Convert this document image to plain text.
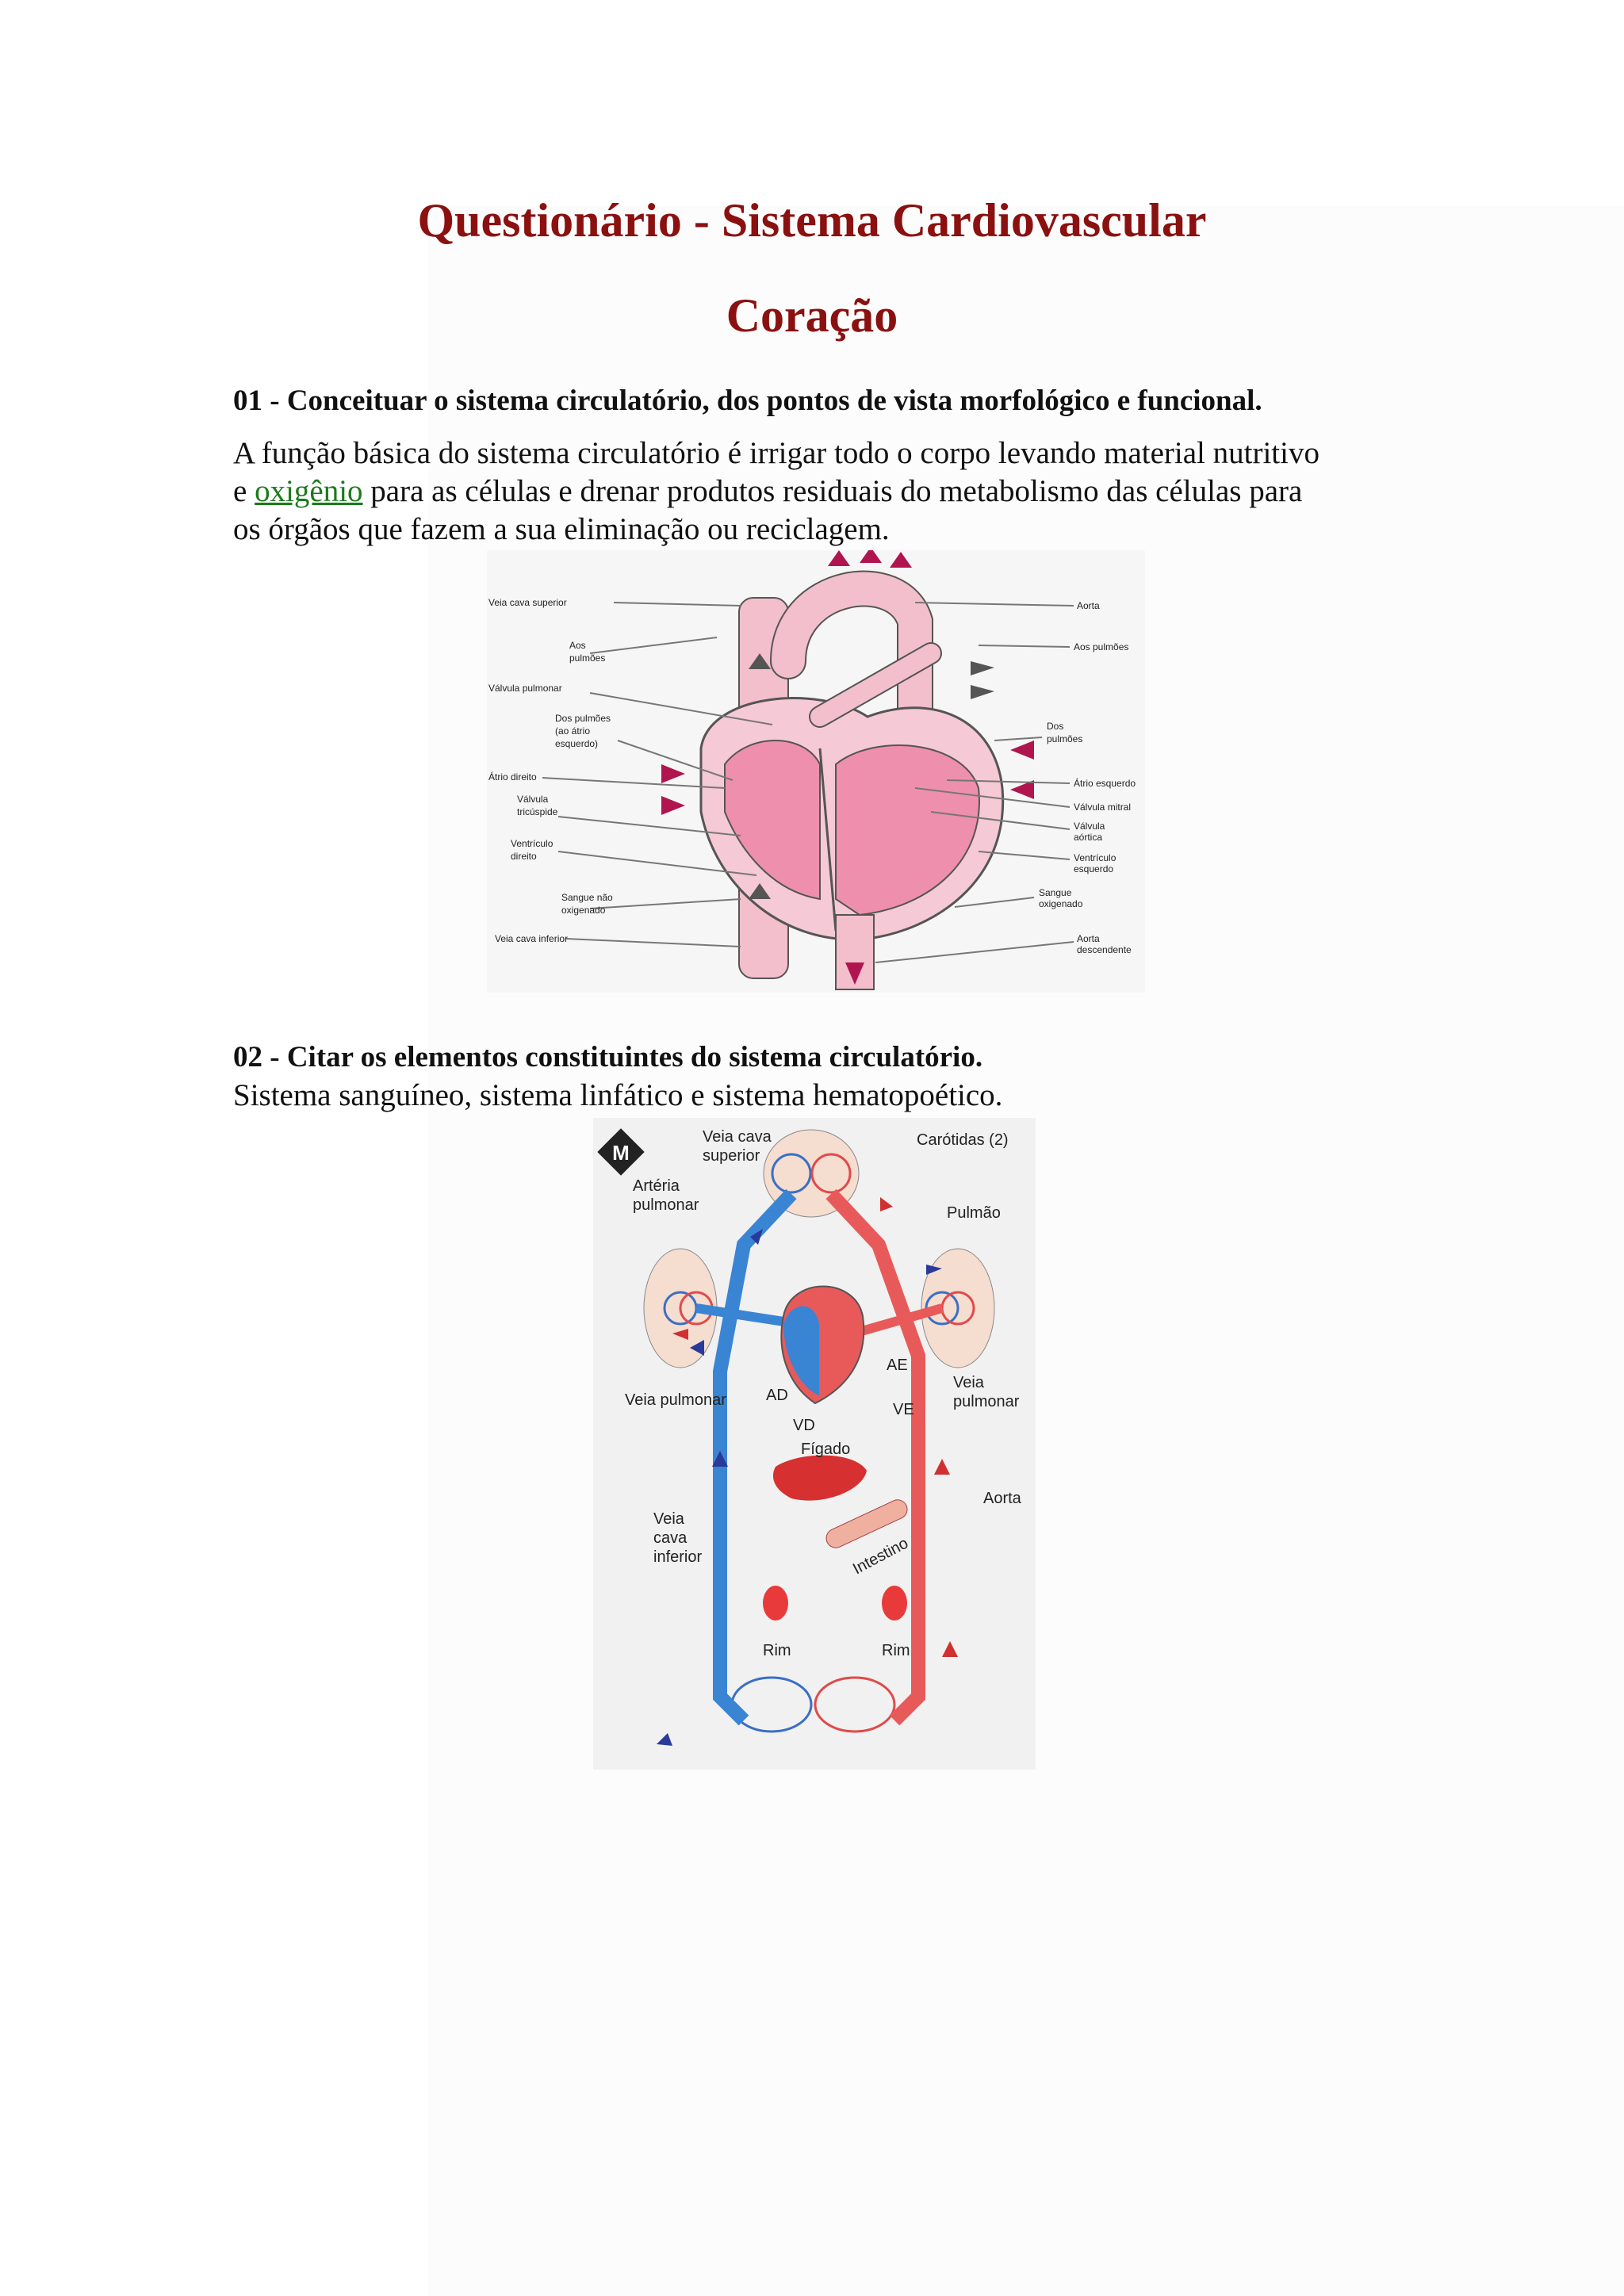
Questionário - Sistema Cardiovascular
Coração

01 - Conceituar o sistema circulatório, dos pontos de vista morfológico e funcional.

A função básica do sistema circulatório é irrigar todo o corpo levando material nutritivo
e oxigênio para as células e drenar produtos residuais do metabolismo das células para
os órgãos que fazem a sua eliminação ou reciclagem.

Veia cava superior
Aos
pulmões
Válvula pulmonar
Dos pulmões
(ao átrio
esquerdo)
Átrio direito
Válvula
tricúspide
Ventrículo
direito
Sangue não
oxigenado
Veia cava inferior
Aorta
Aos pulmões
Dos
pulmões
Átrio esquerdo
Válvula mitral
Válvula
aórtica
Ventrículo
esquerdo
Sangue
oxigenado
Aorta
descendente

02 - Citar os elementos constituintes do sistema circulatório.

Sistema sanguíneo, sistema linfático e sistema hematopoético.

M
Veia cava
superior
Carótidas (2)
Artéria
pulmonar	Pulmão
AE
Veia pulmonar	AD
VD
VE
Veia
pulmonar
Fígado
Aorta
Veia
cava
inferior	Intestino
Rim	Rim
